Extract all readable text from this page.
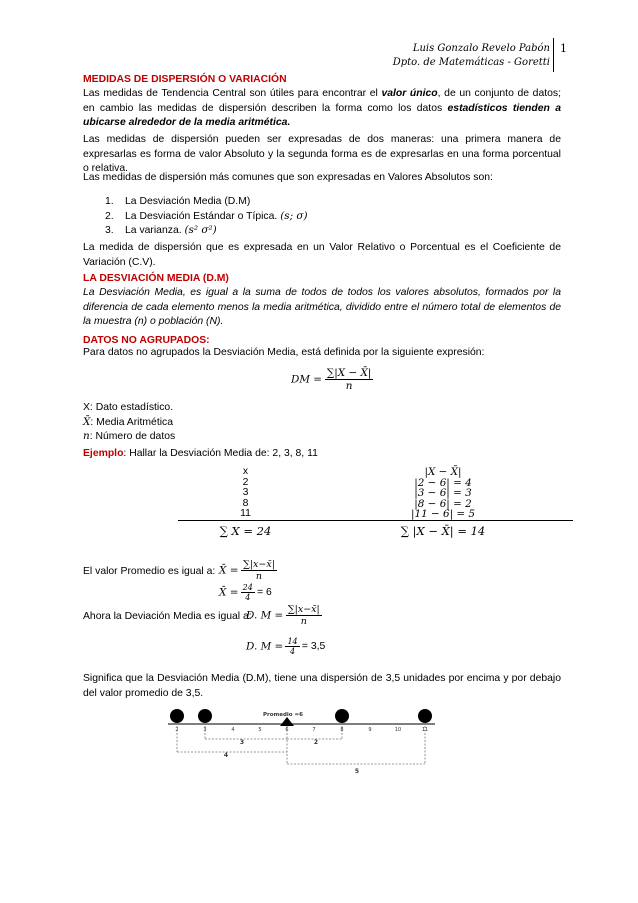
Luis Gonzalo Revelo Pabón
Dpto. de Matemáticas - Goretti
1
MEDIDAS DE DISPERSIÓN O VARIACIÓN
Las medidas de Tendencia Central son útiles para encontrar el valor único, de un conjunto de datos; en cambio las medidas de dispersión describen la forma como los datos estadísticos tienden a ubicarse alrededor de la media aritmética.
Las medidas de dispersión pueden ser expresadas de dos maneras: una primera manera de expresarlas es forma de valor Absoluto y la segunda forma es de expresarlas en una forma porcentual o relativa.
Las medidas de dispersión más comunes que son expresadas en Valores Absolutos son:
1. La Desviación Media (D.M)
2. La Desviación Estándar o Típica. (s; σ)
3. La varianza. (s² σ²)
La medida de dispersión que es expresada en un Valor Relativo o Porcentual es el Coeficiente de Variación (C.V).
LA DESVIACIÓN MEDIA (D.M)
La Desviación Media, es igual a la suma de todos de todos los valores absolutos, formados por la diferencia de cada elemento menos la media aritmética, dividido entre el número total de elementos de la muestra (n) o población (N).
DATOS NO AGRUPADOS:
Para datos no agrupados la Desviación Media, está definida por la siguiente expresión:
DM = $\frac{\sum|X - X̄|}{n}$
X: Dato estadístico.
X̄: Media Aritmética
n: Número de datos
Ejemplo: Hallar la Desviación Media de: 2, 3, 8, 11
x	|X − X̄|
2	|2 − 6| = 4
3	|3 − 6| = 3
8	|8 − 6| = 2
11	|11 − 6| = 5
∑ X = 24	∑ |X − X̄| = 14
El valor Promedio es igual a: X̄ = $\frac{\sum|x-x̄|}{n}$
X̄ = $\frac{24}{4} = 6$
Ahora la Deviación Media es igual a:
D. $M = \frac{\sum|x-x̄|}{n}$
D. $M = \frac{14}{4} = 3,5$
Significa que la Desviación Media (D.M), tiene una dispersión de 3,5 unidades por encima y por debajo del valor promedio de 3,5.
2	3	4	5	6	7	8	9	10	11
Promedio =6
3	2
4
5
